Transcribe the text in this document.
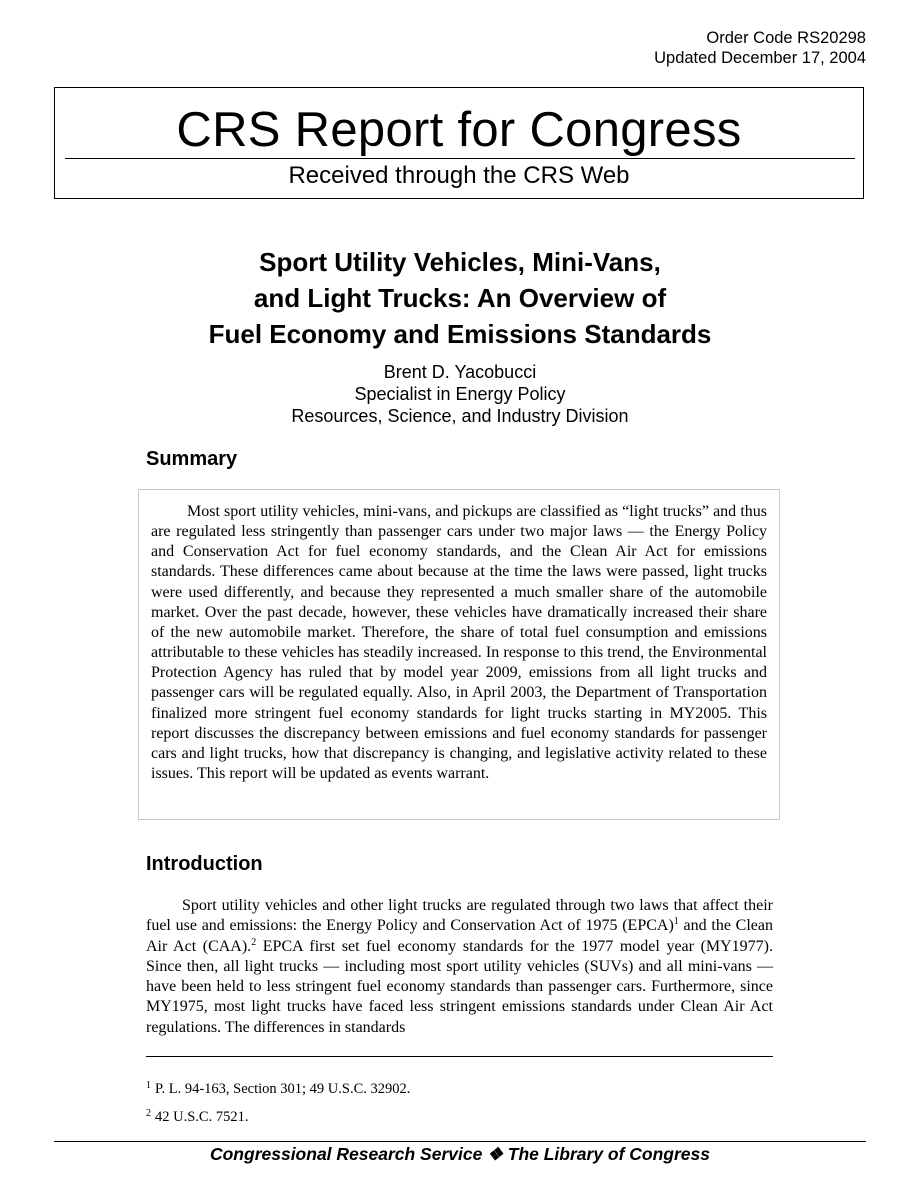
Order Code RS20298
Updated December 17, 2004
CRS Report for Congress
Received through the CRS Web
Sport Utility Vehicles, Mini-Vans,
and Light Trucks: An Overview of
Fuel Economy and Emissions Standards
Brent D. Yacobucci
Specialist in Energy Policy
Resources, Science, and Industry Division
Summary

Most sport utility vehicles, mini-vans, and pickups are classified as “light trucks” and thus are regulated less stringently than passenger cars under two major laws — the Energy Policy and Conservation Act for fuel economy standards, and the Clean Air Act for emissions standards. These differences came about because at the time the laws were passed, light trucks were used differently, and because they represented a much smaller share of the automobile market. Over the past decade, however, these vehicles have dramatically increased their share of the new automobile market. Therefore, the share of total fuel consumption and emissions attributable to these vehicles has steadily increased. In response to this trend, the Environmental Protection Agency has ruled that by model year 2009, emissions from all light trucks and passenger cars will be regulated equally. Also, in April 2003, the Department of Transportation finalized more stringent fuel economy standards for light trucks starting in MY2005. This report discusses the discrepancy between emissions and fuel economy standards for passenger cars and light trucks, how that discrepancy is changing, and legislative activity related to these issues. This report will be updated as events warrant.

Introduction

Sport utility vehicles and other light trucks are regulated through two laws that affect their fuel use and emissions: the Energy Policy and Conservation Act of 1975 (EPCA)$^1$ and the Clean Air Act (CAA).$^2$ EPCA first set fuel economy standards for the 1977 model year (MY1977). Since then, all light trucks — including most sport utility vehicles (SUVs) and all mini-vans — have been held to less stringent fuel economy standards than passenger cars. Furthermore, since MY1975, most light trucks have faced less stringent emissions standards under Clean Air Act regulations. The differences in standards

$^1$ P. L. 94-163, Section 301; 49 U.S.C. 32902.
$^2$ 42 U.S.C. 7521.
Congressional Research Service ❖ The Library of Congress
